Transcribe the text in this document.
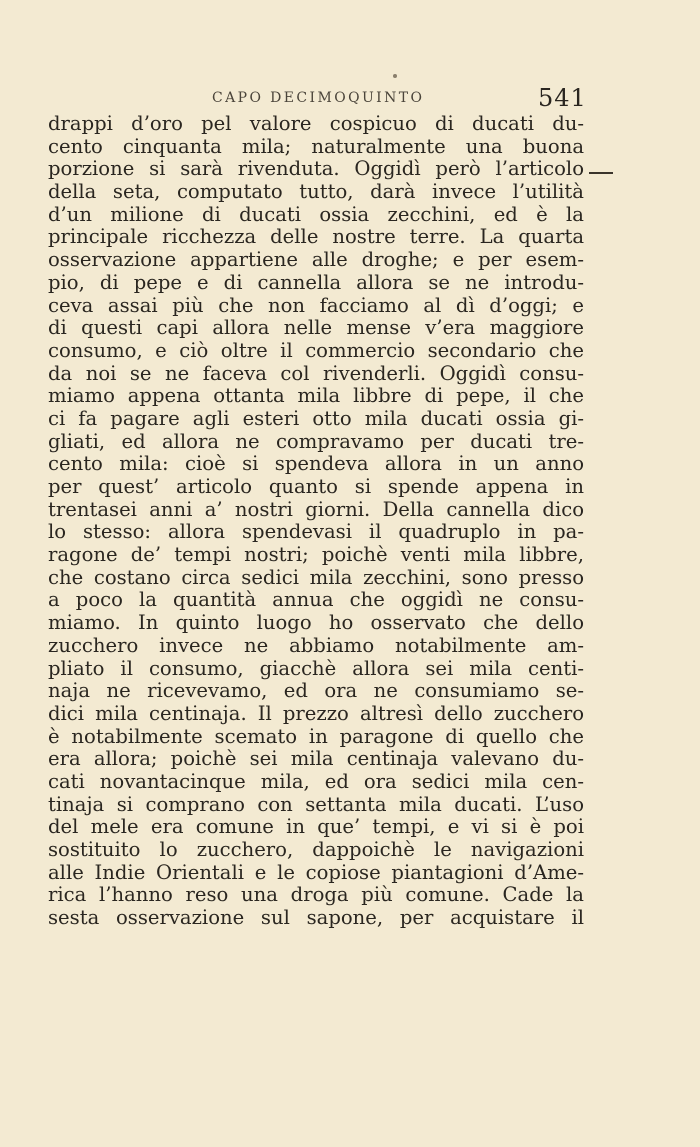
CAPO DECIMOQUINTO	541
drappi d’oro pel valore cospicuo di ducati du-
cento cinquanta mila; naturalmente una buona
porzione si sarà rivenduta. Oggidì però l’articolo
della seta, computato tutto, darà invece l’utilità
d’un milione di ducati ossia zecchini, ed è la
principale ricchezza delle nostre terre. La quarta
osservazione appartiene alle droghe; e per esem-
pio, di pepe e di cannella allora se ne introdu-
ceva assai più che non facciamo al dì d’oggi; e
di questi capi allora nelle mense v’era maggiore
consumo, e ciò oltre il commercio secondario che
da noi se ne faceva col rivenderli. Oggidì consu-
miamo appena ottanta mila libbre di pepe, il che
ci fa pagare agli esteri otto mila ducati ossia gi-
gliati, ed allora ne compravamo per ducati tre-
cento mila: cioè si spendeva allora in un anno
per quest’ articolo quanto si spende appena in
trentasei anni a’ nostri giorni. Della cannella dico
lo stesso: allora spendevasi il quadruplo in pa-
ragone de’ tempi nostri; poichè venti mila libbre,
che costano circa sedici mila zecchini, sono presso
a poco la quantità annua che oggidì ne consu-
miamo. In quinto luogo ho osservato che dello
zucchero invece ne abbiamo notabilmente am-
pliato il consumo, giacchè allora sei mila centi-
naja ne ricevevamo, ed ora ne consumiamo se-
dici mila centinaja. Il prezzo altresì dello zucchero
è notabilmente scemato in paragone di quello che
era allora; poichè sei mila centinaja valevano du-
cati novantacinque mila, ed ora sedici mila cen-
tinaja si comprano con settanta mila ducati. L’uso
del mele era comune in que’ tempi, e vi si è poi
sostituito lo zucchero, dappoichè le navigazioni
alle Indie Orientali e le copiose piantagioni d’Ame-
rica l’hanno reso una droga più comune. Cade la
sesta osservazione sul sapone, per acquistare il
